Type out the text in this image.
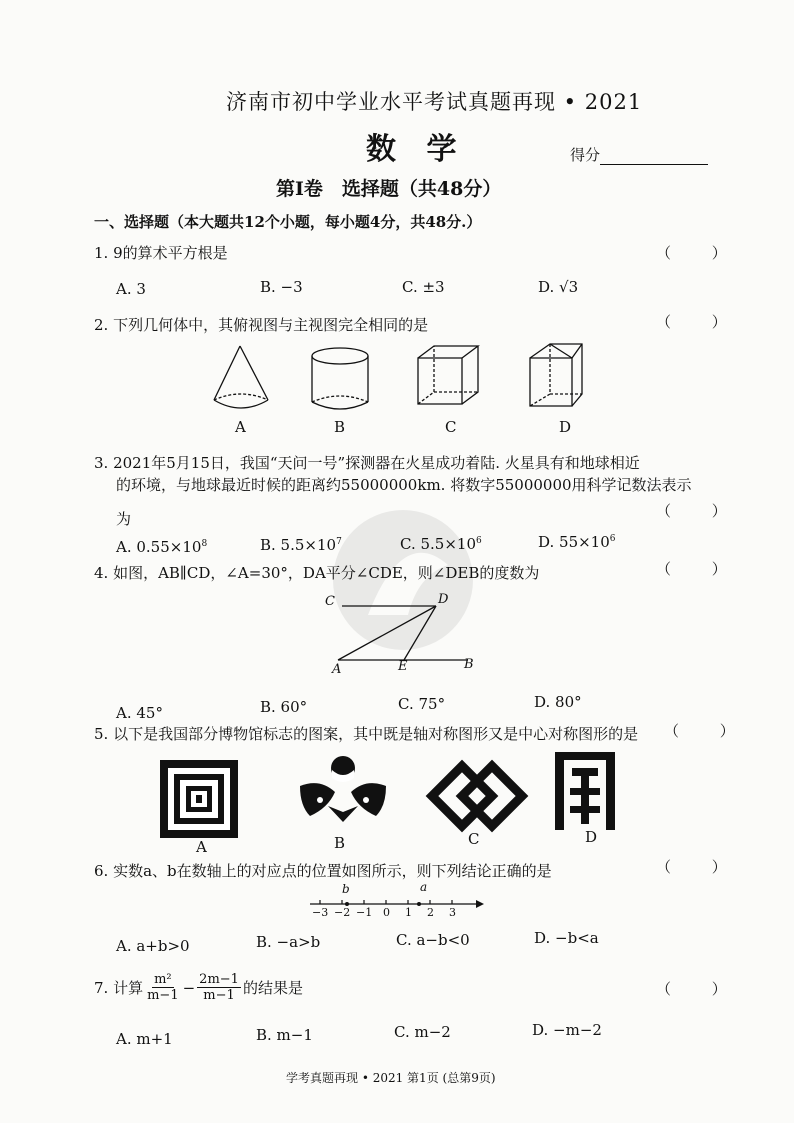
济南市初中学业水平考试真题再现 • 2021
数 学	得分
第Ⅰ卷　选择题（共48分）
一、选择题（本大题共12个小题，每小题4分，共48分.）
1. 9的算术平方根是	（ ）
A. 3	B. −3	C. ±3	D. √3
2. 下列几何体中，其俯视图与主视图完全相同的是	（ ）
A	B	C	D
3. 2021年5月15日，我国“天问一号”探测器在火星成功着陆. 火星具有和地球相近
的环境，与地球最近时候的距离约55000000km. 将数字55000000用科学记数法表示
为	（ ）
A. $0.55\times 10^8$	B. $5.5\times 10^7$	C. $5.5\times 10^6$	D. $55\times 10^6$
4. 如图，AB∥CD，∠A=30°，DA平分∠CDE，则∠DEB的度数为	（ ）
C	D
A	E	B
A. 45°	B. 60°	C. 75°	D. 80°
5. 以下是我国部分博物馆标志的图案，其中既是轴对称图形又是中心对称图形的是 （ ）
A	B	C	D
6. 实数a、b在数轴上的对应点的位置如图所示，则下列结论正确的是	（ ）
b	a
−3 −2 −1 0 1 2 3
A. a+b>0	B. −a>b	C. a−b<0	D. −b<a
7. 计算 $\frac{\text{m²}}{m-1} - \frac{2m-1}{m-1}$ 的结果是	（ ）
A. m+1	B. m−1	C. m−2	D. −m−2
学考真题再现 • 2021 第1页 (总第9页)
